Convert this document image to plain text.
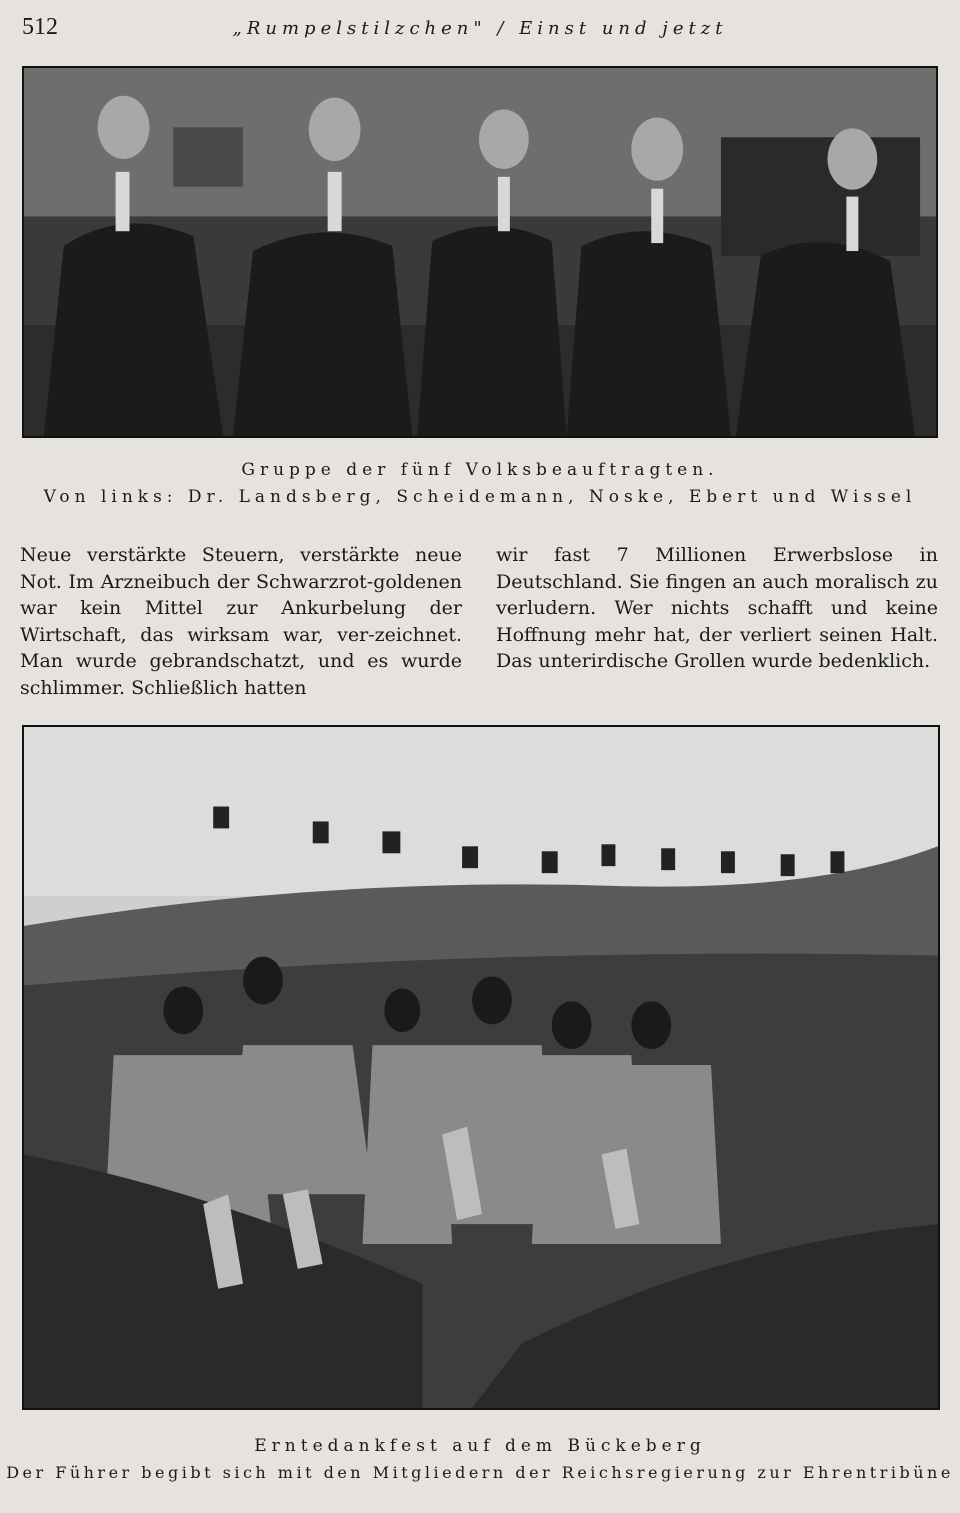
512	„Rumpelstilzchen" / Einst und jetzt
Gruppe der fünf Volksbeauftragten.
Von links: Dr. Landsberg, Scheidemann, Noske, Ebert und Wissel
Neue verstärkte Steuern, verstärkte neue Not. Im Arzneibuch der Schwarzrot-goldenen war kein Mittel zur Ankurbelung der Wirtschaft, das wirksam war, ver-zeichnet. Man wurde gebrandschatzt, und es wurde schlimmer. Schließlich hatten
wir fast 7 Millionen Erwerbslose in Deutschland. Sie fingen an auch moralisch zu verludern. Wer nichts schafft und keine Hoffnung mehr hat, der verliert seinen Halt. Das unterirdische Grollen wurde bedenklich.
Erntedankfest auf dem Bückeberg
Der Führer begibt sich mit den Mitgliedern der Reichsregierung zur Ehrentribüne
